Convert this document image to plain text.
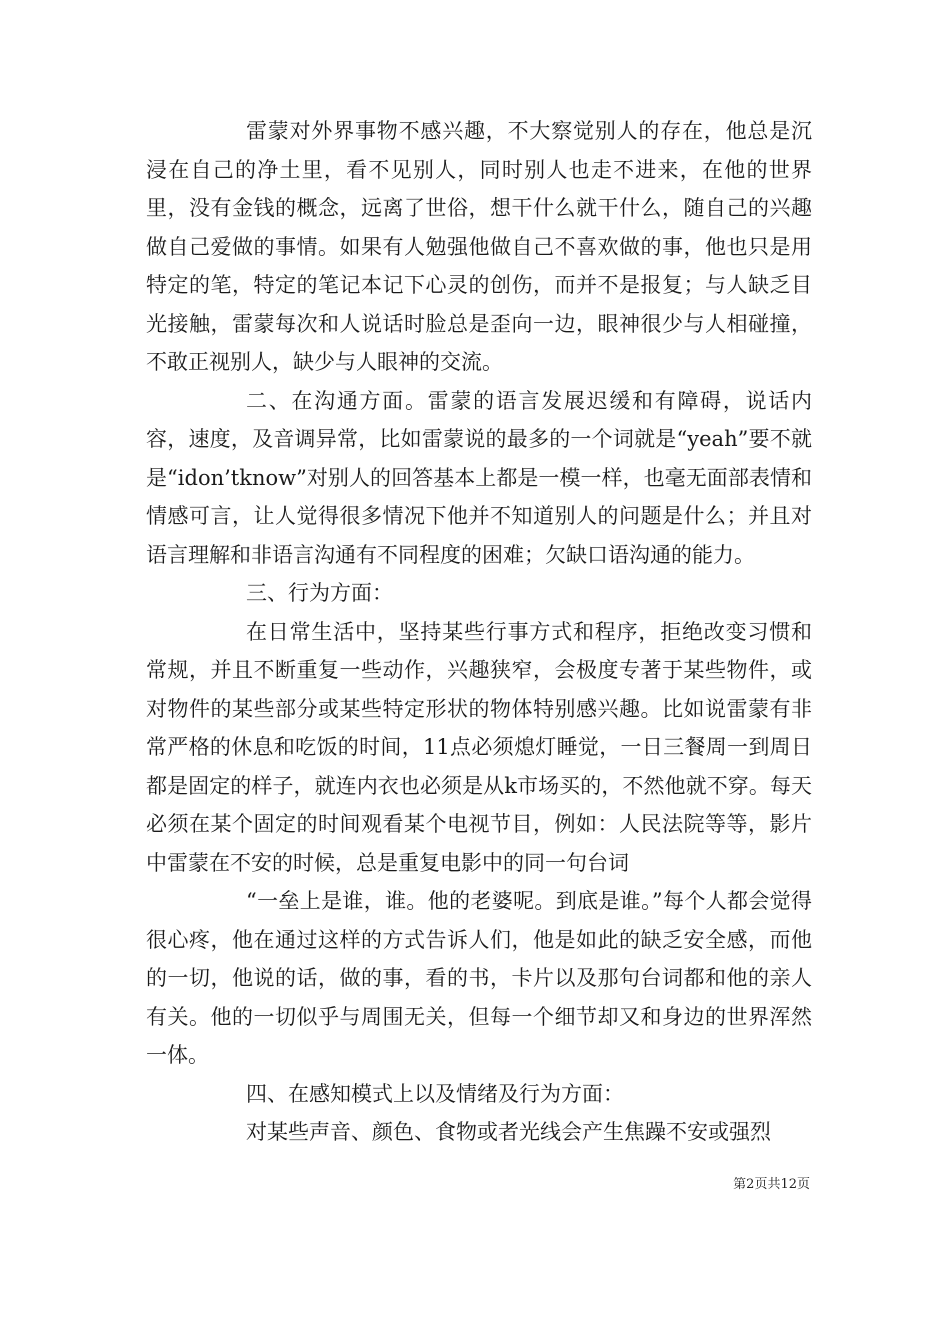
雷蒙对外界事物不感兴趣，不大察觉别人的存在，他总是沉浸在自己的净土里，看不见别人，同时别人也走不进来，在他的世界里，没有金钱的概念，远离了世俗，想干什么就干什么，随自己的兴趣做自己爱做的事情。如果有人勉强他做自己不喜欢做的事，他也只是用特定的笔，特定的笔记本记下心灵的创伤，而并不是报复；与人缺乏目光接触，雷蒙每次和人说话时脸总是歪向一边，眼神很少与人相碰撞，不敢正视别人，缺少与人眼神的交流。

二、在沟通方面。雷蒙的语言发展迟缓和有障碍，说话内容，速度，及音调异常，比如雷蒙说的最多的一个词就是“yeah”要不就是“idon’tknow”对别人的回答基本上都是一模一样，也毫无面部表情和情感可言，让人觉得很多情况下他并不知道别人的问题是什么；并且对语言理解和非语言沟通有不同程度的困难；欠缺口语沟通的能力。

三、行为方面：

在日常生活中，坚持某些行事方式和程序，拒绝改变习惯和常规，并且不断重复一些动作，兴趣狭窄，会极度专著于某些物件，或对物件的某些部分或某些特定形状的物体特别感兴趣。比如说雷蒙有非常严格的休息和吃饭的时间，11点必须熄灯睡觉，一日三餐周一到周日都是固定的样子，就连内衣也必须是从k市场买的，不然他就不穿。每天必须在某个固定的时间观看某个电视节目，例如：人民法院等等，影片中雷蒙在不安的时候，总是重复电影中的同一句台词

“一垒上是谁，谁。他的老婆呢。到底是谁。”每个人都会觉得很心疼，他在通过这样的方式告诉人们，他是如此的缺乏安全感，而他的一切，他说的话，做的事，看的书，卡片以及那句台词都和他的亲人有关。他的一切似乎与周围无关，但每一个细节却又和身边的世界浑然一体。

四、在感知模式上以及情绪及行为方面：

对某些声音、颜色、食物或者光线会产生焦躁不安或强烈

第2页共12页
